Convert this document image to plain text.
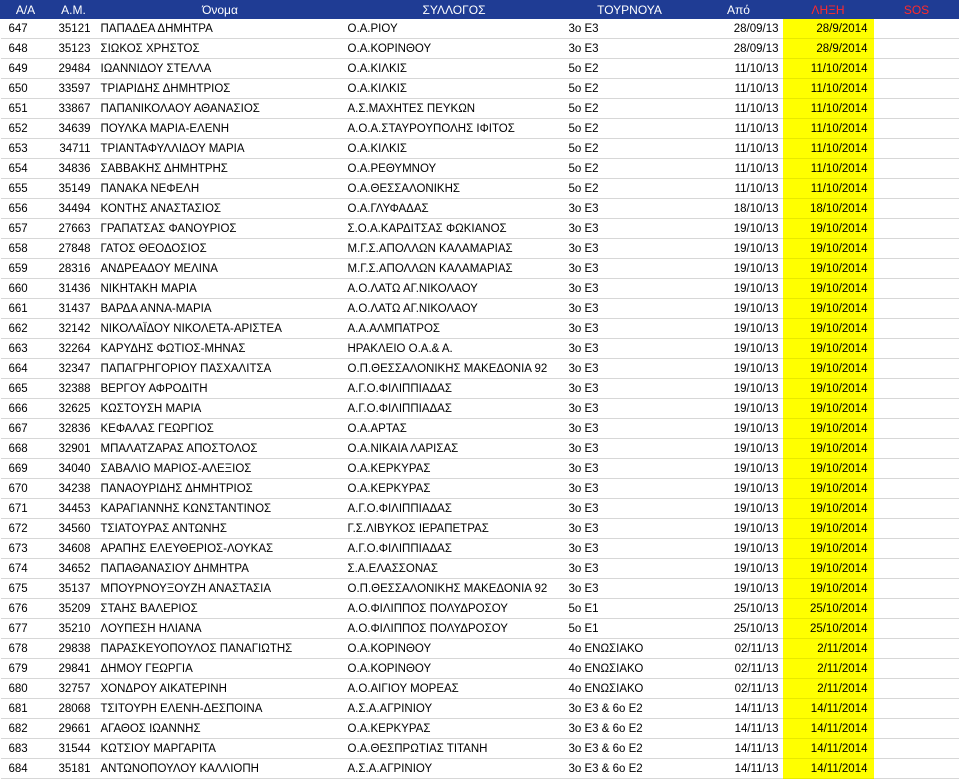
Α/Α	Α.Μ.	Όνομα	ΣΥΛΛΟΓΟΣ	ΤΟΥΡΝΟΥΑ	Από	ΛΗΞΗ	SOS
647	35121	ΠΑΠΑΔΕΑ ΔΗΜΗΤΡΑ	Ο.Α.ΡΙΟΥ	3ο Ε3	28/09/13	28/9/2014	
648	35123	ΣΙΩΚΟΣ ΧΡΗΣΤΟΣ	Ο.Α.ΚΟΡΙΝΘΟΥ	3ο Ε3	28/09/13	28/9/2014	
649	29484	ΙΩΑΝΝΙΔΟΥ ΣΤΕΛΛΑ	Ο.Α.ΚΙΛΚΙΣ	5ο Ε2	11/10/13	11/10/2014	
650	33597	ΤΡΙΑΡΙΔΗΣ ΔΗΜΗΤΡΙΟΣ	Ο.Α.ΚΙΛΚΙΣ	5ο Ε2	11/10/13	11/10/2014	
651	33867	ΠΑΠΑΝΙΚΟΛΑΟΥ ΑΘΑΝΑΣΙΟΣ	Α.Σ.ΜΑΧΗΤΕΣ ΠΕΥΚΩΝ	5ο Ε2	11/10/13	11/10/2014	
652	34639	ΠΟΥΛΚΑ ΜΑΡΙΑ-ΕΛΕΝΗ	Α.Ο.Α.ΣΤΑΥΡΟΥΠΟΛΗΣ ΙΦΙΤΟΣ	5ο Ε2	11/10/13	11/10/2014	
653	34711	ΤΡΙΑΝΤΑΦΥΛΛΙΔΟΥ ΜΑΡΙΑ	Ο.Α.ΚΙΛΚΙΣ	5ο Ε2	11/10/13	11/10/2014	
654	34836	ΣΑΒΒΑΚΗΣ ΔΗΜΗΤΡΗΣ	Ο.Α.ΡΕΘΥΜΝΟΥ	5ο Ε2	11/10/13	11/10/2014	
655	35149	ΠΑΝΑΚΑ ΝΕΦΕΛΗ	Ο.Α.ΘΕΣΣΑΛΟΝΙΚΗΣ	5ο Ε2	11/10/13	11/10/2014	
656	34494	ΚΟΝΤΗΣ ΑΝΑΣΤΑΣΙΟΣ	Ο.Α.ΓΛΥΦΑΔΑΣ	3ο Ε3	18/10/13	18/10/2014	
657	27663	ΓΡΑΠΑΤΣΑΣ ΦΑΝΟΥΡΙΟΣ	Σ.Ο.Α.ΚΑΡΔΙΤΣΑΣ ΦΩΚΙΑΝΟΣ	3ο Ε3	19/10/13	19/10/2014	
658	27848	ΓΑΤΟΣ ΘΕΟΔΟΣΙΟΣ	Μ.Γ.Σ.ΑΠΟΛΛΩΝ ΚΑΛΑΜΑΡΙΑΣ	3ο Ε3	19/10/13	19/10/2014	
659	28316	ΑΝΔΡΕΑΔΟΥ ΜΕΛΙΝΑ	Μ.Γ.Σ.ΑΠΟΛΛΩΝ ΚΑΛΑΜΑΡΙΑΣ	3ο Ε3	19/10/13	19/10/2014	
660	31436	ΝΙΚΗΤΑΚΗ ΜΑΡΙΑ	Α.Ο.ΛΑΤΩ ΑΓ.ΝΙΚΟΛΑΟΥ	3ο Ε3	19/10/13	19/10/2014	
661	31437	ΒΑΡΔΑ ΑΝΝΑ-ΜΑΡΙΑ	Α.Ο.ΛΑΤΩ ΑΓ.ΝΙΚΟΛΑΟΥ	3ο Ε3	19/10/13	19/10/2014	
662	32142	ΝΙΚΟΛΑΪΔΟΥ ΝΙΚΟΛΕΤΑ-ΑΡΙΣΤΕΑ	Α.Α.ΑΛΜΠΑΤΡΟΣ	3ο Ε3	19/10/13	19/10/2014	
663	32264	ΚΑΡΥΔΗΣ ΦΩΤΙΟΣ-ΜΗΝΑΣ	ΗΡΑΚΛΕΙΟ Ο.Α.& Α.	3ο Ε3	19/10/13	19/10/2014	
664	32347	ΠΑΠΑΓΡΗΓΟΡΙΟΥ ΠΑΣΧΑΛΙΤΣΑ	Ο.Π.ΘΕΣΣΑΛΟΝΙΚΗΣ ΜΑΚΕΔΟΝΙΑ 92	3ο Ε3	19/10/13	19/10/2014	
665	32388	ΒΕΡΓΟΥ ΑΦΡΟΔΙΤΗ	Α.Γ.Ο.ΦΙΛΙΠΠΙΑΔΑΣ	3ο Ε3	19/10/13	19/10/2014	
666	32625	ΚΩΣΤΟΥΣΗ ΜΑΡΙΑ	Α.Γ.Ο.ΦΙΛΙΠΠΙΑΔΑΣ	3ο Ε3	19/10/13	19/10/2014	
667	32836	ΚΕΦΑΛΑΣ ΓΕΩΡΓΙΟΣ	Ο.Α.ΑΡΤΑΣ	3ο Ε3	19/10/13	19/10/2014	
668	32901	ΜΠΑΛΑΤΖΑΡΑΣ ΑΠΟΣΤΟΛΟΣ	Ο.Α.ΝΙΚΑΙΑ ΛΑΡΙΣΑΣ	3ο Ε3	19/10/13	19/10/2014	
669	34040	ΣΑΒΑΛΙΟ ΜΑΡΙΟΣ-ΑΛΕΞΙΟΣ	Ο.Α.ΚΕΡΚΥΡΑΣ	3ο Ε3	19/10/13	19/10/2014	
670	34238	ΠΑΝΑΟΥΡΙΔΗΣ ΔΗΜΗΤΡΙΟΣ	Ο.Α.ΚΕΡΚΥΡΑΣ	3ο Ε3	19/10/13	19/10/2014	
671	34453	ΚΑΡΑΓΙΑΝΝΗΣ ΚΩΝΣΤΑΝΤΙΝΟΣ	Α.Γ.Ο.ΦΙΛΙΠΠΙΑΔΑΣ	3ο Ε3	19/10/13	19/10/2014	
672	34560	ΤΣΙΑΤΟΥΡΑΣ ΑΝΤΩΝΗΣ	Γ.Σ.ΛΙΒΥΚΟΣ ΙΕΡΑΠΕΤΡΑΣ	3ο Ε3	19/10/13	19/10/2014	
673	34608	ΑΡΑΠΗΣ ΕΛΕΥΘΕΡΙΟΣ-ΛΟΥΚΑΣ	Α.Γ.Ο.ΦΙΛΙΠΠΙΑΔΑΣ	3ο Ε3	19/10/13	19/10/2014	
674	34652	ΠΑΠΑΘΑΝΑΣΙΟΥ ΔΗΜΗΤΡΑ	Σ.Α.ΕΛΑΣΣΟΝΑΣ	3ο Ε3	19/10/13	19/10/2014	
675	35137	ΜΠΟΥΡΝΟΥΞΟΥΖΗ ΑΝΑΣΤΑΣΙΑ	Ο.Π.ΘΕΣΣΑΛΟΝΙΚΗΣ ΜΑΚΕΔΟΝΙΑ 92	3ο Ε3	19/10/13	19/10/2014	
676	35209	ΣΤΑΗΣ ΒΑΛΕΡΙΟΣ	Α.Ο.ΦΙΛΙΠΠΟΣ ΠΟΛΥΔΡΟΣΟΥ	5ο Ε1	25/10/13	25/10/2014	
677	35210	ΛΟΥΠΕΣΗ ΗΛΙΑΝΑ	Α.Ο.ΦΙΛΙΠΠΟΣ ΠΟΛΥΔΡΟΣΟΥ	5ο Ε1	25/10/13	25/10/2014	
678	29838	ΠΑΡΑΣΚΕΥΟΠΟΥΛΟΣ ΠΑΝΑΓΙΩΤΗΣ	Ο.Α.ΚΟΡΙΝΘΟΥ	4ο ΕΝΩΣΙΑΚΟ	02/11/13	2/11/2014	
679	29841	ΔΗΜΟΥ ΓΕΩΡΓΙΑ	Ο.Α.ΚΟΡΙΝΘΟΥ	4ο ΕΝΩΣΙΑΚΟ	02/11/13	2/11/2014	
680	32757	ΧΟΝΔΡΟΥ ΑΙΚΑΤΕΡΙΝΗ	Α.Ο.ΑΙΓΙΟΥ ΜΟΡΕΑΣ	4ο ΕΝΩΣΙΑΚΟ	02/11/13	2/11/2014	
681	28068	ΤΣΙΤΟΥΡΗ ΕΛΕΝΗ-ΔΕΣΠΟΙΝΑ	Α.Σ.Α.ΑΓΡΙΝΙΟΥ	3ο Ε3 & 6ο Ε2	14/11/13	14/11/2014	
682	29661	ΑΓΑΘΟΣ ΙΩΑΝΝΗΣ	Ο.Α.ΚΕΡΚΥΡΑΣ	3ο Ε3 & 6ο Ε2	14/11/13	14/11/2014	
683	31544	ΚΩΤΣΙΟΥ ΜΑΡΓΑΡΙΤΑ	Ο.Α.ΘΕΣΠΡΩΤΙΑΣ ΤΙΤΑΝΗ	3ο Ε3 & 6ο Ε2	14/11/13	14/11/2014	
684	35181	ΑΝΤΩΝΟΠΟΥΛΟΥ ΚΑΛΛΙΟΠΗ	Α.Σ.Α.ΑΓΡΙΝΙΟΥ	3ο Ε3 & 6ο Ε2	14/11/13	14/11/2014	
